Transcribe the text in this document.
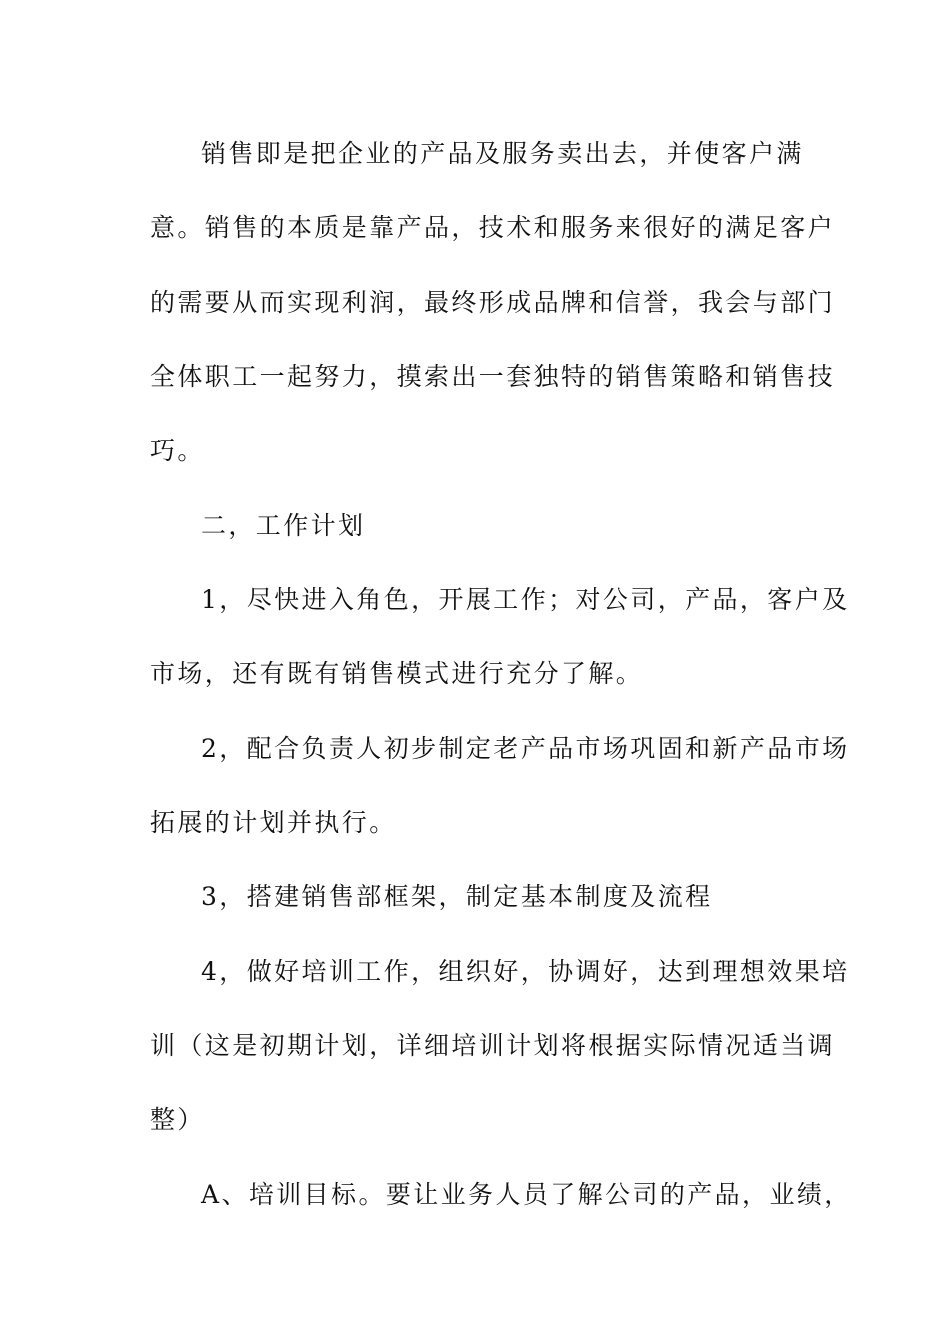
销售即是把企业的产品及服务卖出去，并使客户满
意。销售的本质是靠产品，技术和服务来很好的满足客户
的需要从而实现利润，最终形成品牌和信誉，我会与部门
全体职工一起努力，摸索出一套独特的销售策略和销售技
巧。
二，工作计划
1，尽快进入角色，开展工作；对公司，产品，客户及
市场，还有既有销售模式进行充分了解。
2，配合负责人初步制定老产品市场巩固和新产品市场
拓展的计划并执行。
3，搭建销售部框架，制定基本制度及流程
4，做好培训工作，组织好，协调好，达到理想效果培
训（这是初期计划，详细培训计划将根据实际情况适当调
整）
A、培训目标。要让业务人员了解公司的产品，业绩，
